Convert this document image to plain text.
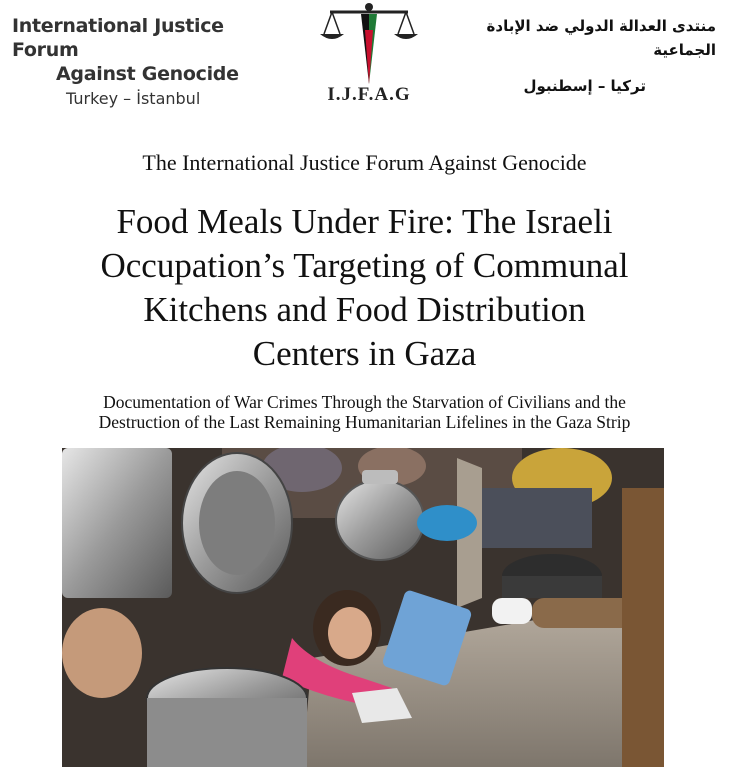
International Justice Forum
Against Genocide
Turkey – İstanbul	I.J.F.A.G
منتدى العدالة الدولي ضد الإبادة الجماعية
تركيا – إسطنبول
The International Justice Forum Against Genocide
Food Meals Under Fire: The Israeli
Occupation’s Targeting of Communal
Kitchens and Food Distribution
Centers in Gaza
Documentation of War Crimes Through the Starvation of Civilians and the
Destruction of the Last Remaining Humanitarian Lifelines in the Gaza Strip
